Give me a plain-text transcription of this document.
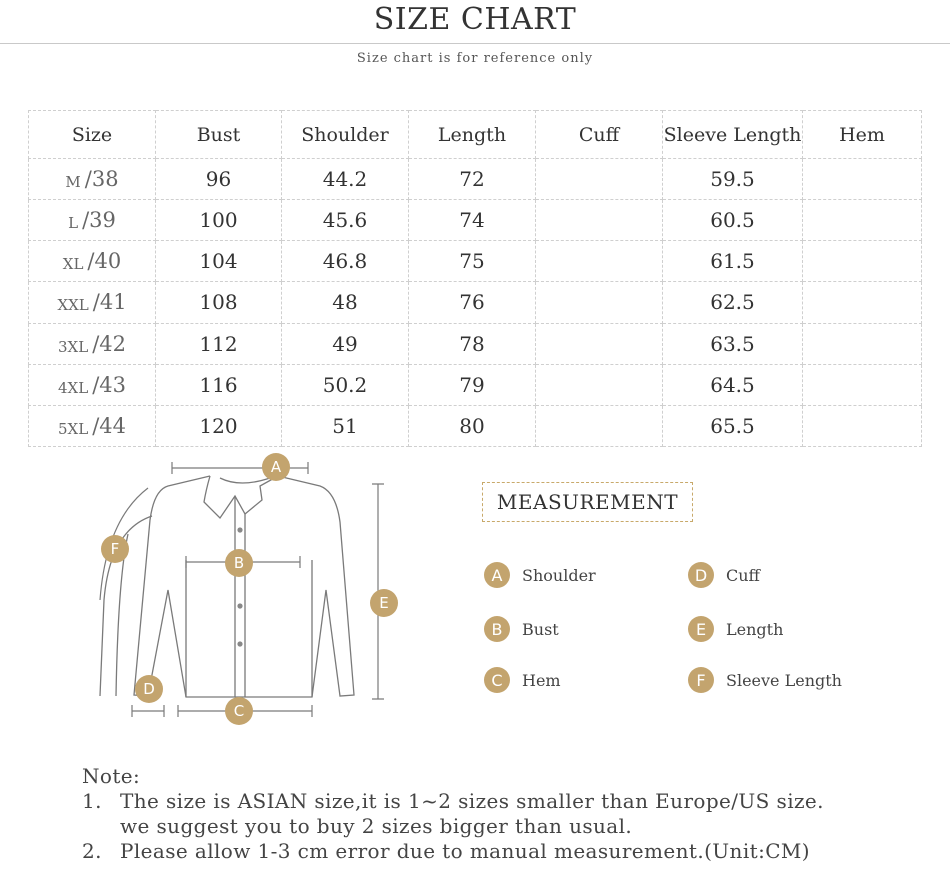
SIZE CHART
Size chart is for reference only
Size	Bust	Shoulder	Length	Cuff	Sleeve Length	Hem

M /38	96	44.2	72		59.5	

L /39	100	45.6	74		60.5	

XL /40	104	46.8	75		61.5	

XXL /41	108	48	76		62.5	

3XL /42	112	49	78		63.5	

4XL /43	116	50.2	79		64.5	

5XL /44	120	51	80		65.5	
A
B
C
D
E
F
MEASUREMENT
A	Shoulder
B	Bust
C	Hem
D	Cuff
E	Length
F	Sleeve Length
Note:
1. The size is ASIAN size,it is 1~2 sizes smaller than Europe/US size.
we suggest you to buy 2 sizes bigger than usual.
2. Please allow 1-3 cm error due to manual measurement.(Unit:CM)
